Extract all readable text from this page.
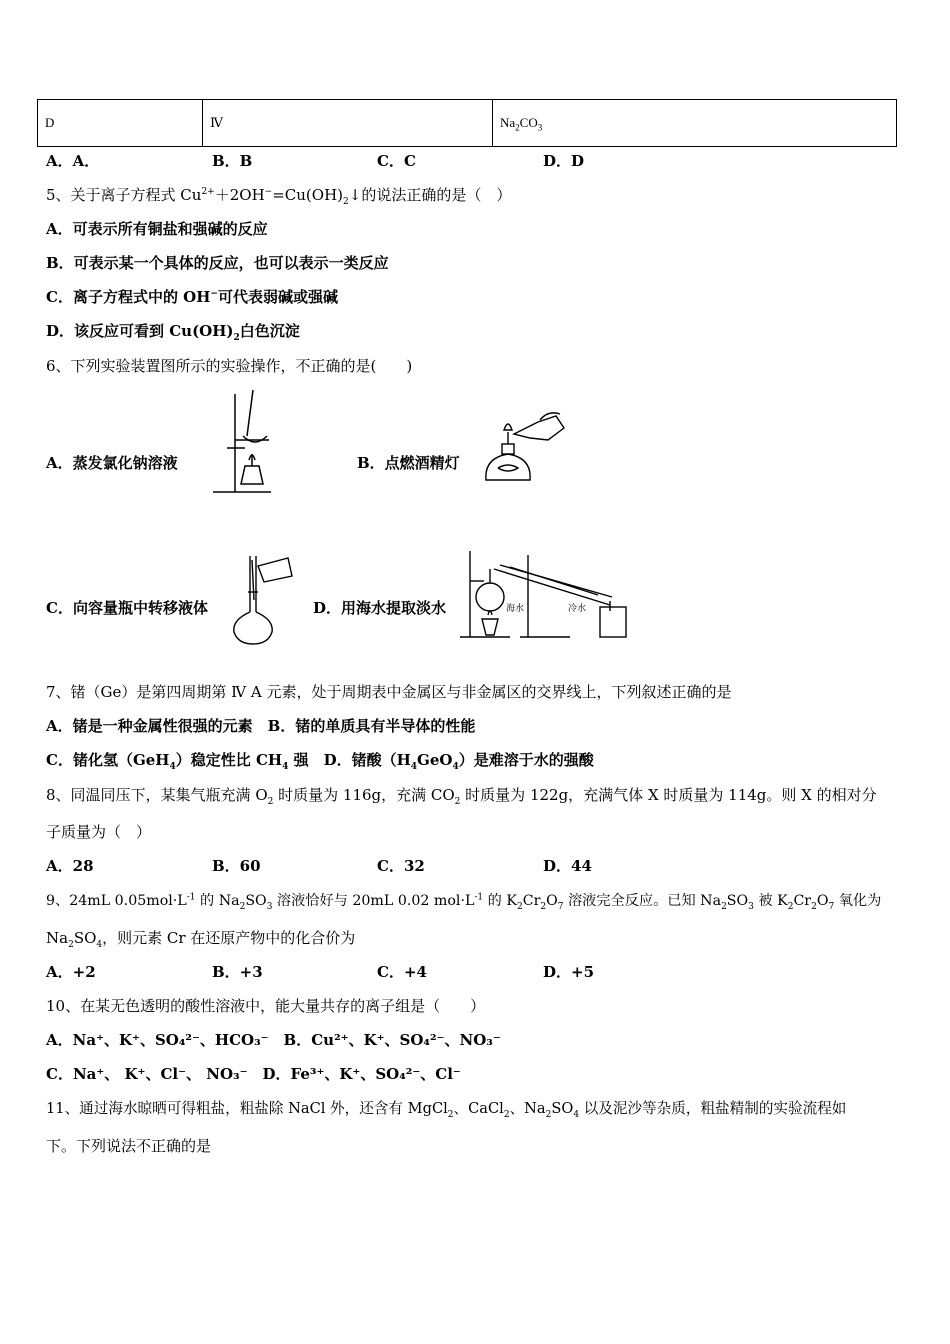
D	Ⅳ	$Na_2CO_3$
A．A．	B．B	C．C	D．D
5、关于离子方程式 $Cu^{2+}+2OH^-=Cu(OH)_2↓$的说法正确的是（　）
A．可表示所有铜盐和强碱的反应
B．可表示某一个具体的反应，也可以表示一类反应
C．离子方程式中的 OH−可代表弱碱或强碱
D．该反应可看到 $Cu(OH)_2$白色沉淀
6、下列实验装置图所示的实验操作，不正确的是(　　)
A．蒸发氯化钠溶液	B．点燃酒精灯
C．向容量瓶中转移液体	D．用海水提取淡水	海水	冷水
7、锗（Ge）是第四周期第 Ⅳ A 元素，处于周期表中金属区与非金属区的交界线上，下列叙述正确的是
A．锗是一种金属性很强的元素　B．锗的单质具有半导体的性能
C．锗化氢（GeH$_4$）稳定性比 $CH_4$ 强　D．锗酸$(H_4GeO_4)$是难溶于水的强酸
8、同温同压下，某集气瓶充满 $O_2$ 时质量为 116g，充满 $CO_2$ 时质量为 122g，充满气体 X 时质量为 114g。则 X 的相对分
子质量为（　）
A．28	B．60	C．32	D．44
9、24mL $0.05mol\cdot L^{-1}$ 的 $Na_2SO_3$ 溶液恰好与 20mL 0.02 $mol\cdot L^{-1}$ 的 $K_2Cr_2O_7$ 溶液完全反应。已知 $Na_2SO_3$ 被 $K_2Cr_2O_7$ 氧化为
$Na_2SO_4$，则元素 Cr 在还原产物中的化合价为
A．+2	B．+3	C．+4	D．+5
10、在某无色透明的酸性溶液中，能大量共存的离子组是（　　）
A．Na⁺、K⁺、SO₄²⁻、HCO₃⁻　B．Cu²⁺、K⁺、SO₄²⁻、NO₃⁻
C．Na⁺、 K⁺、Cl⁻、 NO₃⁻　D．Fe³⁺、K⁺、SO₄²⁻、Cl⁻
11、通过海水晾晒可得粗盐，粗盐除 NaCl 外，还含有 MgCl$_2$、CaCl$_2$、$Na_2SO_4$ 以及泥沙等杂质，粗盐精制的实验流程如
下。下列说法不正确的是
